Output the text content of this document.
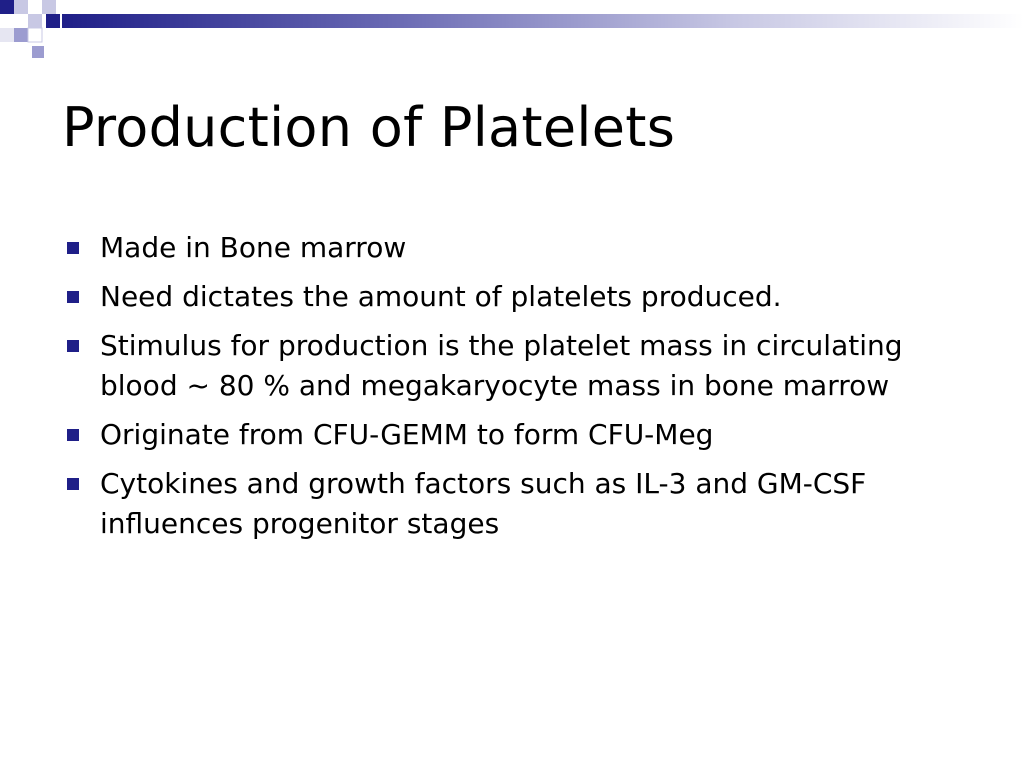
Production of Platelets
Made in Bone marrow
Need dictates the amount of platelets produced.
Stimulus for production is the platelet mass in circulating blood ~ 80 % and megakaryocyte mass in bone marrow
Originate from CFU-GEMM to form CFU-Meg
Cytokines and growth factors such as IL-3 and GM-CSF influences progenitor stages
